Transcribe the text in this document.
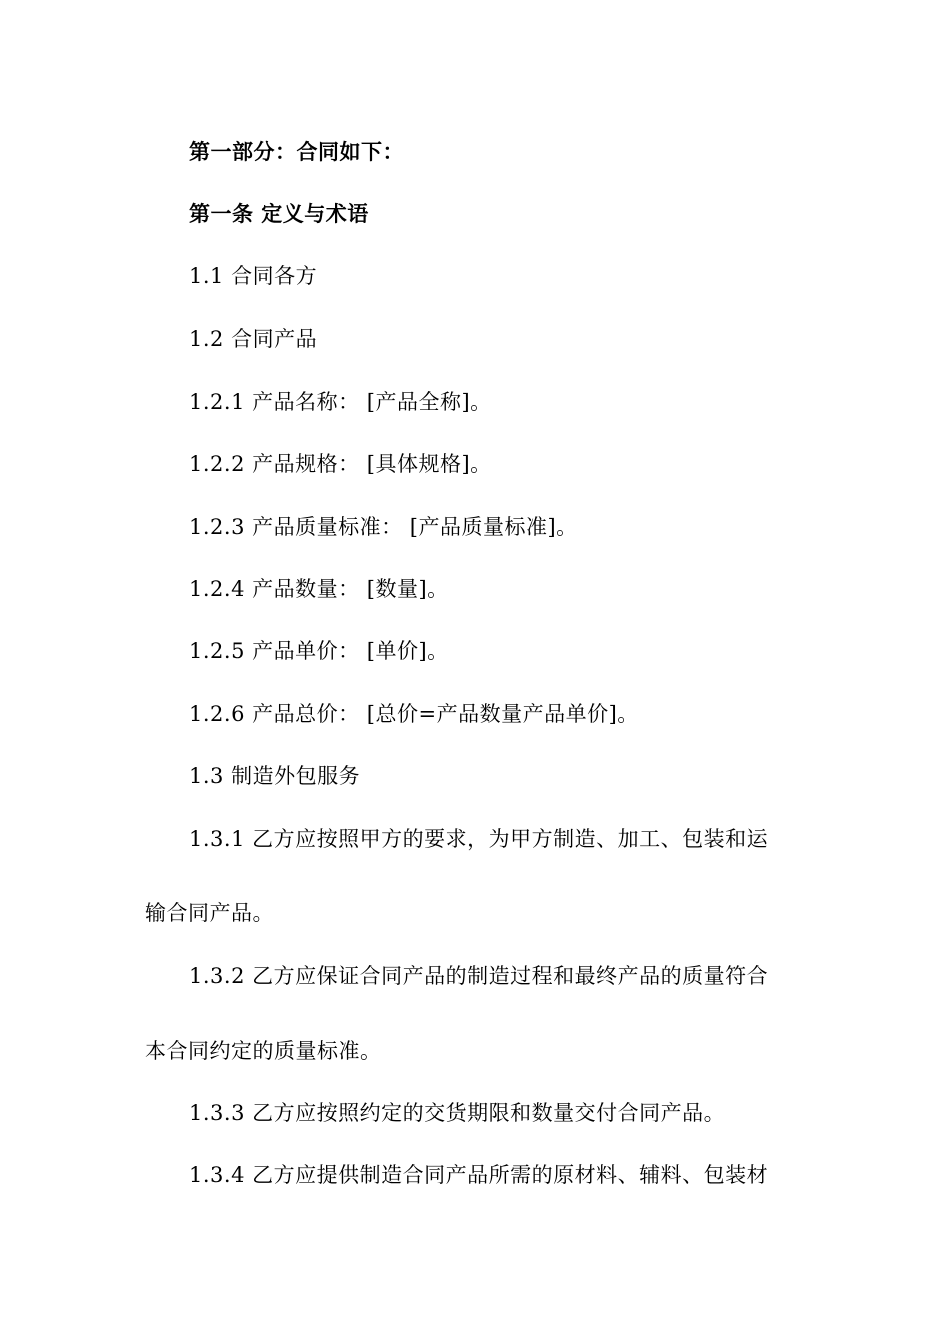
第一部分：合同如下：
第一条 定义与术语
1.1 合同各方
1.2 合同产品
1.2.1 产品名称： [产品全称]。
1.2.2 产品规格： [具体规格]。
1.2.3 产品质量标准： [产品质量标准]。
1.2.4 产品数量： [数量]。
1.2.5 产品单价： [单价]。
1.2.6 产品总价： [总价=产品数量产品单价]。
1.3 制造外包服务
1.3.1 乙方应按照甲方的要求，为甲方制造、加工、包装和运
输合同产品。
1.3.2 乙方应保证合同产品的制造过程和最终产品的质量符合
本合同约定的质量标准。
1.3.3 乙方应按照约定的交货期限和数量交付合同产品。
1.3.4 乙方应提供制造合同产品所需的原材料、辅料、包装材
